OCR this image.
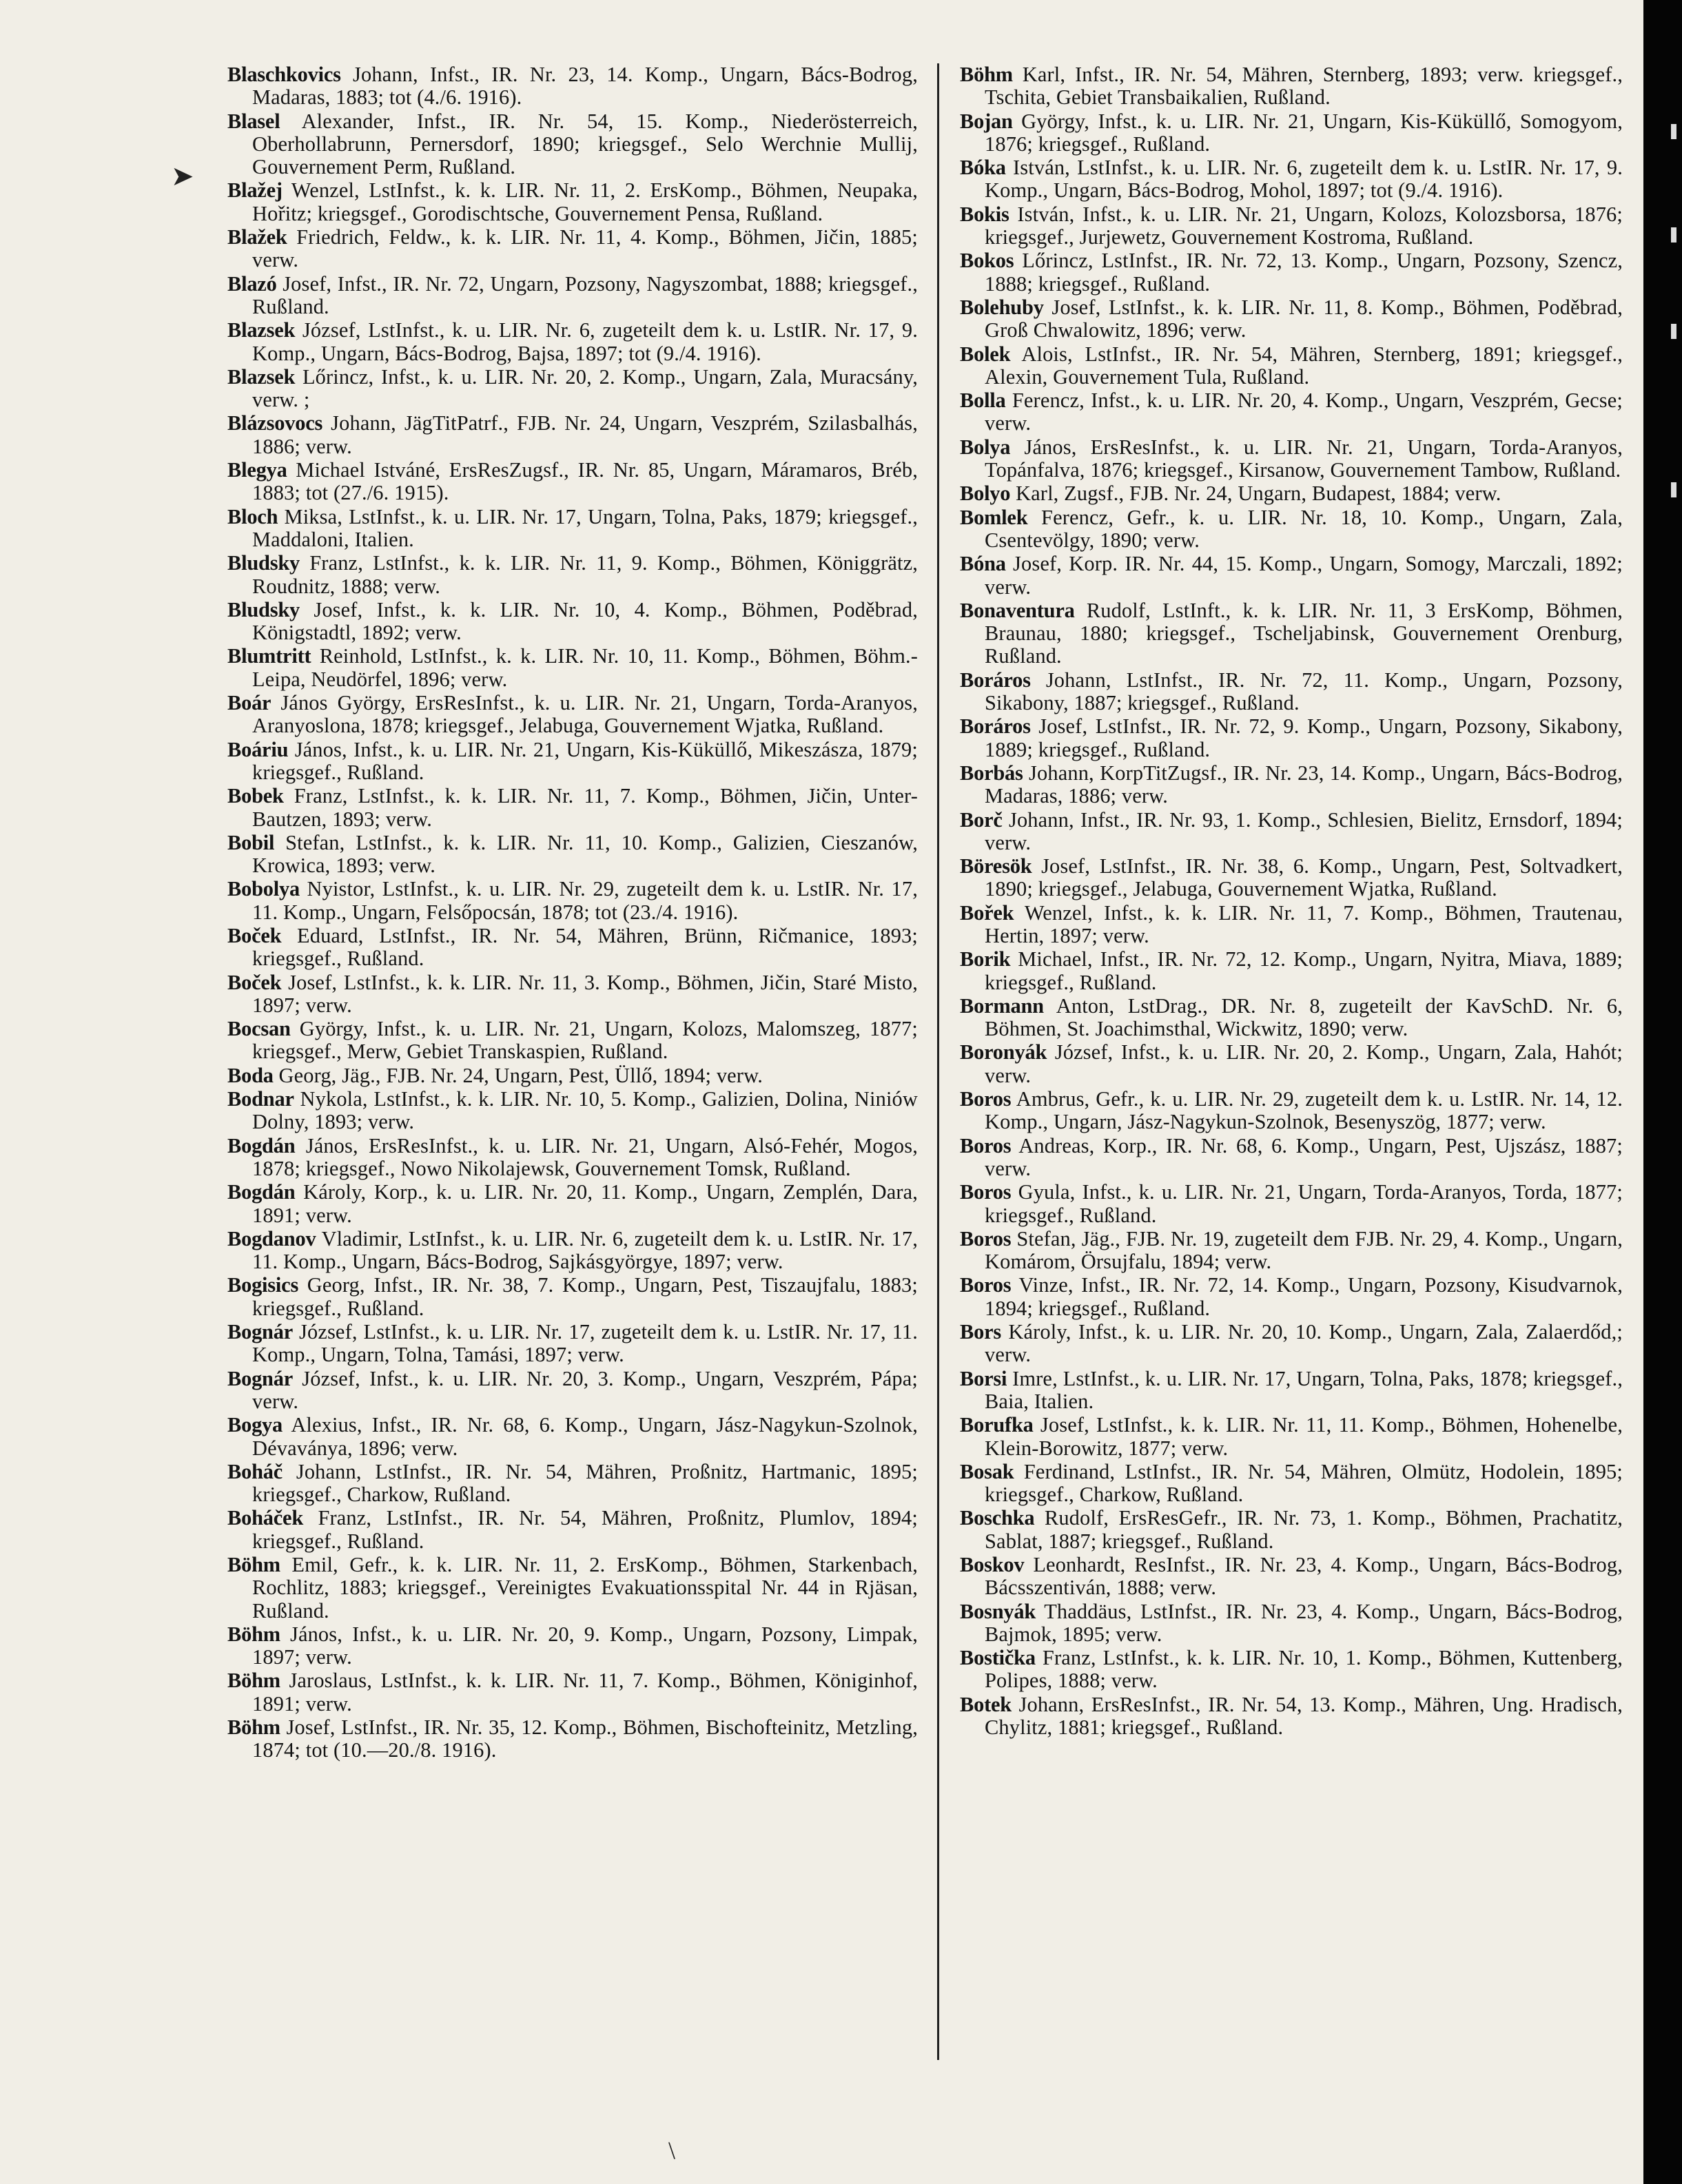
Blaschkovics Johann, Infst., IR. Nr. 23, 14. Komp., Ungarn, Bács-Bodrog, Madaras, 1883; tot (4./6. 1916).

Blasel Alexander, Infst., IR. Nr. 54, 15. Komp., Niederösterreich, Oberhollabrunn, Pernersdorf, 1890; kriegsgef., Selo Werchnie Mullij, Gouvernement Perm, Rußland.

Blažej Wenzel, LstInfst., k. k. LIR. Nr. 11, 2. ErsKomp., Böhmen, Neupaka, Hořitz; kriegsgef., Gorodischtsche, Gouvernement Pensa, Rußland.

Blažek Friedrich, Feldw., k. k. LIR. Nr. 11, 4. Komp., Böhmen, Jičin, 1885; verw.

Blazó Josef, Infst., IR. Nr. 72, Ungarn, Pozsony, Nagyszombat, 1888; kriegsgef., Rußland.

Blazsek József, LstInfst., k. u. LIR. Nr. 6, zugeteilt dem k. u. LstIR. Nr. 17, 9. Komp., Ungarn, Bács-Bodrog, Bajsa, 1897; tot (9./4. 1916).

Blazsek Lőrincz, Infst., k. u. LIR. Nr. 20, 2. Komp., Ungarn, Zala, Muracsány, verw. ;

Blázsovocs Johann, JägTitPatrf., FJB. Nr. 24, Ungarn, Veszprém, Szilasbalhás, 1886; verw.

Blegya Michael Istváné, ErsResZugsf., IR. Nr. 85, Ungarn, Máramaros, Bréb, 1883; tot (27./6. 1915).

Bloch Miksa, LstInfst., k. u. LIR. Nr. 17, Ungarn, Tolna, Paks, 1879; kriegsgef., Maddaloni, Italien.

Bludsky Franz, LstInfst., k. k. LIR. Nr. 11, 9. Komp., Böhmen, Königgrätz, Roudnitz, 1888; verw.

Bludsky Josef, Infst., k. k. LIR. Nr. 10, 4. Komp., Böhmen, Poděbrad, Königstadtl, 1892; verw.

Blumtritt Reinhold, LstInfst., k. k. LIR. Nr. 10, 11. Komp., Böhmen, Böhm.-Leipa, Neudörfel, 1896; verw.

Boár János György, ErsResInfst., k. u. LIR. Nr. 21, Ungarn, Torda-Aranyos, Aranyoslona, 1878; kriegsgef., Jelabuga, Gouvernement Wjatka, Rußland.

Boáriu János, Infst., k. u. LIR. Nr. 21, Ungarn, Kis-Küküllő, Mikeszásza, 1879; kriegsgef., Rußland.

Bobek Franz, LstInfst., k. k. LIR. Nr. 11, 7. Komp., Böhmen, Jičin, Unter-Bautzen, 1893; verw.

Bobil Stefan, LstInfst., k. k. LIR. Nr. 11, 10. Komp., Galizien, Cieszanów, Krowica, 1893; verw.

Bobolya Nyistor, LstInfst., k. u. LIR. Nr. 29, zugeteilt dem k. u. LstIR. Nr. 17, 11. Komp., Ungarn, Felsőpocsán, 1878; tot (23./4. 1916).

Boček Eduard, LstInfst., IR. Nr. 54, Mähren, Brünn, Ričmanice, 1893; kriegsgef., Rußland.

Boček Josef, LstInfst., k. k. LIR. Nr. 11, 3. Komp., Böhmen, Jičin, Staré Misto, 1897; verw.

Bocsan György, Infst., k. u. LIR. Nr. 21, Ungarn, Kolozs, Malomszeg, 1877; kriegsgef., Merw, Gebiet Transkaspien, Rußland.

Boda Georg, Jäg., FJB. Nr. 24, Ungarn, Pest, Üllő, 1894; verw.

Bodnar Nykola, LstInfst., k. k. LIR. Nr. 10, 5. Komp., Galizien, Dolina, Niniów Dolny, 1893; verw.

Bogdán János, ErsResInfst., k. u. LIR. Nr. 21, Ungarn, Alsó-Fehér, Mogos, 1878; kriegsgef., Nowo Nikolajewsk, Gouvernement Tomsk, Rußland.

Bogdán Károly, Korp., k. u. LIR. Nr. 20, 11. Komp., Ungarn, Zemplén, Dara, 1891; verw.

Bogdanov Vladimir, LstInfst., k. u. LIR. Nr. 6, zugeteilt dem k. u. LstIR. Nr. 17, 11. Komp., Ungarn, Bács-Bodrog, Sajkásgyörgye, 1897; verw.

Bogisics Georg, Infst., IR. Nr. 38, 7. Komp., Ungarn, Pest, Tiszaujfalu, 1883; kriegsgef., Rußland.

Bognár József, LstInfst., k. u. LIR. Nr. 17, zugeteilt dem k. u. LstIR. Nr. 17, 11. Komp., Ungarn, Tolna, Tamási, 1897; verw.

Bognár József, Infst., k. u. LIR. Nr. 20, 3. Komp., Ungarn, Veszprém, Pápa; verw.

Bogya Alexius, Infst., IR. Nr. 68, 6. Komp., Ungarn, Jász-Nagykun-Szolnok, Dévaványa, 1896; verw.

Boháč Johann, LstInfst., IR. Nr. 54, Mähren, Proßnitz, Hartmanic, 1895; kriegsgef., Charkow, Rußland.

Boháček Franz, LstInfst., IR. Nr. 54, Mähren, Proßnitz, Plumlov, 1894; kriegsgef., Rußland.

Böhm Emil, Gefr., k. k. LIR. Nr. 11, 2. ErsKomp., Böhmen, Starkenbach, Rochlitz, 1883; kriegsgef., Vereinigtes Evakuationsspital Nr. 44 in Rjäsan, Rußland.

Böhm János, Infst., k. u. LIR. Nr. 20, 9. Komp., Ungarn, Pozsony, Limpak, 1897; verw.

Böhm Jaroslaus, LstInfst., k. k. LIR. Nr. 11, 7. Komp., Böhmen, Königinhof, 1891; verw.

Böhm Josef, LstInfst., IR. Nr. 35, 12. Komp., Böhmen, Bischofteinitz, Metzling, 1874; tot (10.—20./8. 1916).

Böhm Karl, Infst., IR. Nr. 54, Mähren, Sternberg, 1893; verw. kriegsgef., Tschita, Gebiet Transbaikalien, Rußland.

Bojan György, Infst., k. u. LIR. Nr. 21, Ungarn, Kis-Küküllő, Somogyom, 1876; kriegsgef., Rußland.

Bóka István, LstInfst., k. u. LIR. Nr. 6, zugeteilt dem k. u. LstIR. Nr. 17, 9. Komp., Ungarn, Bács-Bodrog, Mohol, 1897; tot (9./4. 1916).

Bokis István, Infst., k. u. LIR. Nr. 21, Ungarn, Kolozs, Kolozsborsa, 1876; kriegsgef., Jurjewetz, Gouvernement Kostroma, Rußland.

Bokos Lőrincz, LstInfst., IR. Nr. 72, 13. Komp., Ungarn, Pozsony, Szencz, 1888; kriegsgef., Rußland.

Bolehuby Josef, LstInfst., k. k. LIR. Nr. 11, 8. Komp., Böhmen, Poděbrad, Groß Chwalowitz, 1896; verw.

Bolek Alois, LstInfst., IR. Nr. 54, Mähren, Sternberg, 1891; kriegsgef., Alexin, Gouvernement Tula, Rußland.

Bolla Ferencz, Infst., k. u. LIR. Nr. 20, 4. Komp., Ungarn, Veszprém, Gecse; verw.

Bolya János, ErsResInfst., k. u. LIR. Nr. 21, Ungarn, Torda-Aranyos, Topánfalva, 1876; kriegsgef., Kirsanow, Gouvernement Tambow, Rußland.

Bolyo Karl, Zugsf., FJB. Nr. 24, Ungarn, Budapest, 1884; verw.

Bomlek Ferencz, Gefr., k. u. LIR. Nr. 18, 10. Komp., Ungarn, Zala, Csentevölgy, 1890; verw.

Bóna Josef, Korp. IR. Nr. 44, 15. Komp., Ungarn, Somogy, Marczali, 1892; verw.

Bonaventura Rudolf, LstInft., k. k. LIR. Nr. 11, 3 ErsKomp, Böhmen, Braunau, 1880; kriegsgef., Tscheljabinsk, Gouvernement Orenburg, Rußland.

Boráros Johann, LstInfst., IR. Nr. 72, 11. Komp., Ungarn, Pozsony, Sikabony, 1887; kriegsgef., Rußland.

Boráros Josef, LstInfst., IR. Nr. 72, 9. Komp., Ungarn, Pozsony, Sikabony, 1889; kriegsgef., Rußland.

Borbás Johann, KorpTitZugsf., IR. Nr. 23, 14. Komp., Ungarn, Bács-Bodrog, Madaras, 1886; verw.

Borč Johann, Infst., IR. Nr. 93, 1. Komp., Schlesien, Bielitz, Ernsdorf, 1894; verw.

Böresök Josef, LstInfst., IR. Nr. 38, 6. Komp., Ungarn, Pest, Soltvadkert, 1890; kriegsgef., Jelabuga, Gouvernement Wjatka, Rußland.

Bořek Wenzel, Infst., k. k. LIR. Nr. 11, 7. Komp., Böhmen, Trautenau, Hertin, 1897; verw.

Borik Michael, Infst., IR. Nr. 72, 12. Komp., Ungarn, Nyitra, Miava, 1889; kriegsgef., Rußland.

Bormann Anton, LstDrag., DR. Nr. 8, zugeteilt der KavSchD. Nr. 6, Böhmen, St. Joachimsthal, Wickwitz, 1890; verw.

Boronyák József, Infst., k. u. LIR. Nr. 20, 2. Komp., Ungarn, Zala, Hahót; verw.

Boros Ambrus, Gefr., k. u. LIR. Nr. 29, zugeteilt dem k. u. LstIR. Nr. 14, 12. Komp., Ungarn, Jász-Nagykun-Szolnok, Besenyszög, 1877; verw.

Boros Andreas, Korp., IR. Nr. 68, 6. Komp., Ungarn, Pest, Ujszász, 1887; verw.

Boros Gyula, Infst., k. u. LIR. Nr. 21, Ungarn, Torda-Aranyos, Torda, 1877; kriegsgef., Rußland.

Boros Stefan, Jäg., FJB. Nr. 19, zugeteilt dem FJB. Nr. 29, 4. Komp., Ungarn, Komárom, Örsujfalu, 1894; verw.

Boros Vinze, Infst., IR. Nr. 72, 14. Komp., Ungarn, Pozsony, Kisudvarnok, 1894; kriegsgef., Rußland.

Bors Károly, Infst., k. u. LIR. Nr. 20, 10. Komp., Ungarn, Zala, Zalaerdőd,; verw.

Borsi Imre, LstInfst., k. u. LIR. Nr. 17, Ungarn, Tolna, Paks, 1878; kriegsgef., Baia, Italien.

Borufka Josef, LstInfst., k. k. LIR. Nr. 11, 11. Komp., Böhmen, Hohenelbe, Klein-Borowitz, 1877; verw.

Bosak Ferdinand, LstInfst., IR. Nr. 54, Mähren, Olmütz, Hodolein, 1895; kriegsgef., Charkow, Rußland.

Boschka Rudolf, ErsResGefr., IR. Nr. 73, 1. Komp., Böhmen, Prachatitz, Sablat, 1887; kriegsgef., Rußland.

Boskov Leonhardt, ResInfst., IR. Nr. 23, 4. Komp., Ungarn, Bács-Bodrog, Bácsszentiván, 1888; verw.

Bosnyák Thaddäus, LstInfst., IR. Nr. 23, 4. Komp., Ungarn, Bács-Bodrog, Bajmok, 1895; verw.

Bostička Franz, LstInfst., k. k. LIR. Nr. 10, 1. Komp., Böhmen, Kuttenberg, Polipes, 1888; verw.

Botek Johann, ErsResInfst., IR. Nr. 54, 13. Komp., Mähren, Ung. Hradisch, Chylitz, 1881; kriegsgef., Rußland.

➤
\
